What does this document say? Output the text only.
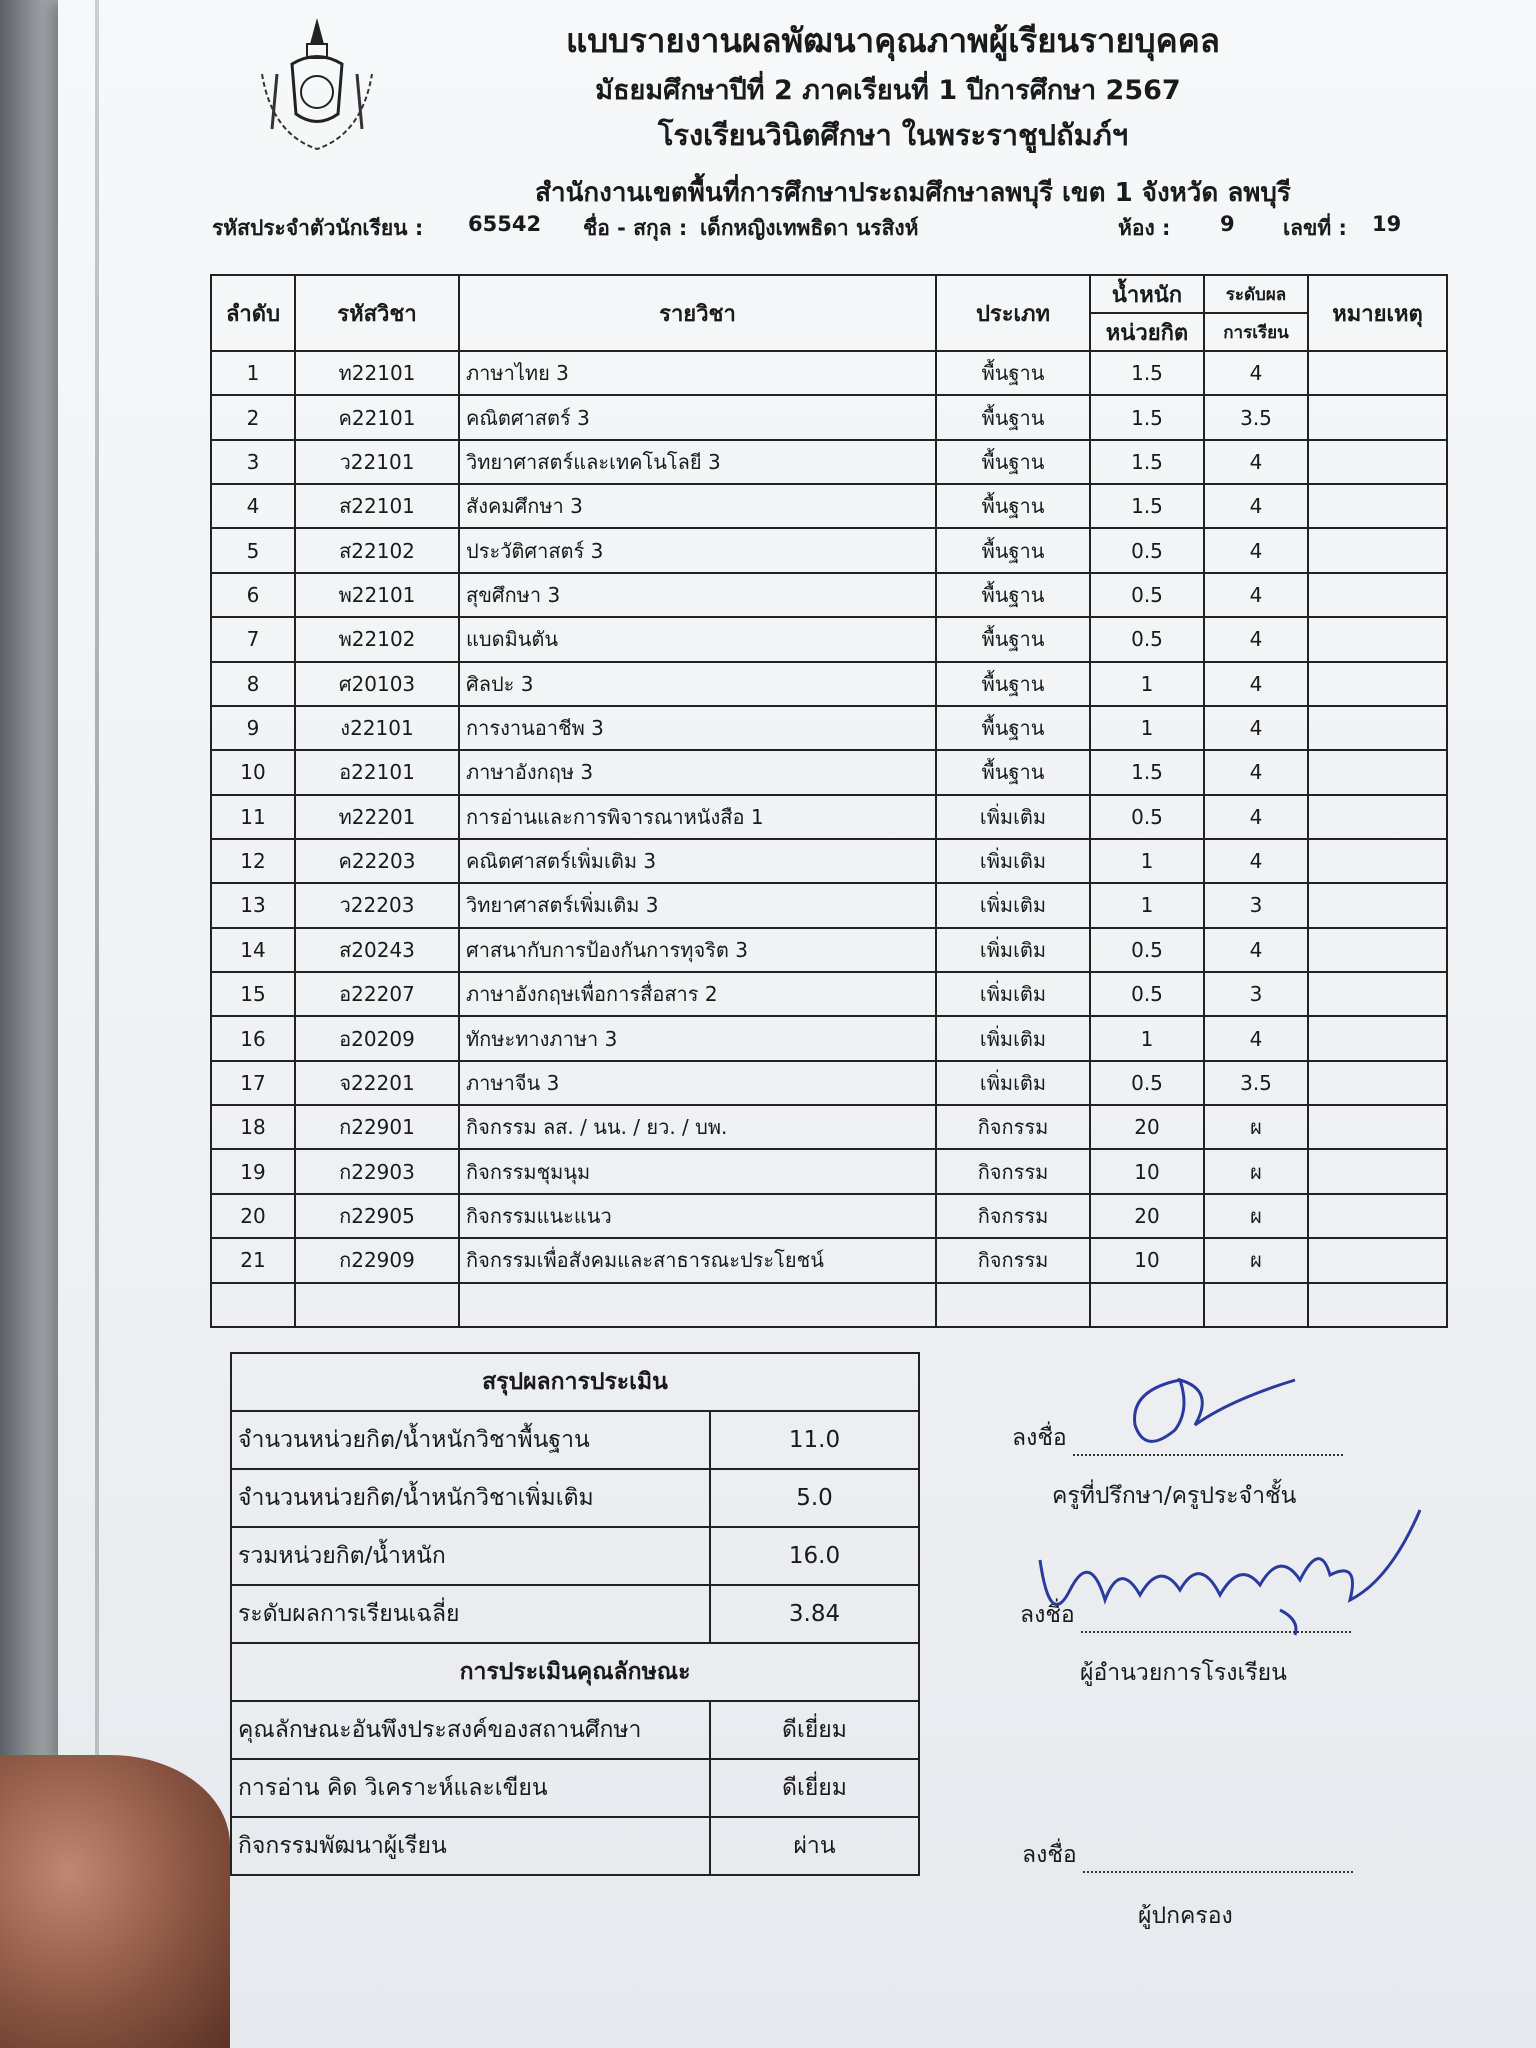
แบบรายงานผลพัฒนาคุณภาพผู้เรียนรายบุคคล
มัธยมศึกษาปีที่ 2 ภาคเรียนที่ 1 ปีการศึกษา 2567
โรงเรียนวินิตศึกษา ในพระราชูปถัมภ์ฯ
สำนักงานเขตพื้นที่การศึกษาประถมศึกษาลพบุรี เขต 1 จังหวัด ลพบุรี
รหัสประจำตัวนักเรียน : 65542 ชื่อ - สกุล : เด็กหญิงเทพธิดา นรสิงห์	ห้อง : 9 เลขที่ : 19
ลำดับ	รหัสวิชา	รายวิชา	ประเภท	น้ำหนัก	ระดับผล	หมายเหตุ
				หน่วยกิต	การเรียน	
1	ท22101	ภาษาไทย 3	พื้นฐาน	1.5	4	
2	ค22101	คณิตศาสตร์ 3	พื้นฐาน	1.5	3.5	
3	ว22101	วิทยาศาสตร์และเทคโนโลยี 3	พื้นฐาน	1.5	4	
4	ส22101	สังคมศึกษา 3	พื้นฐาน	1.5	4	
5	ส22102	ประวัติศาสตร์ 3	พื้นฐาน	0.5	4	
6	พ22101	สุขศึกษา 3	พื้นฐาน	0.5	4	
7	พ22102	แบดมินตัน	พื้นฐาน	0.5	4	
8	ศ20103	ศิลปะ 3	พื้นฐาน	1	4	
9	ง22101	การงานอาชีพ 3	พื้นฐาน	1	4	
10	อ22101	ภาษาอังกฤษ 3	พื้นฐาน	1.5	4	
11	ท22201	การอ่านและการพิจารณาหนังสือ 1	เพิ่มเติม	0.5	4	
12	ค22203	คณิตศาสตร์เพิ่มเติม 3	เพิ่มเติม	1	4	
13	ว22203	วิทยาศาสตร์เพิ่มเติม 3	เพิ่มเติม	1	3	
14	ส20243	ศาสนากับการป้องกันการทุจริต 3	เพิ่มเติม	0.5	4	
15	อ22207	ภาษาอังกฤษเพื่อการสื่อสาร 2	เพิ่มเติม	0.5	3	
16	อ20209	ทักษะทางภาษา 3	เพิ่มเติม	1	4	
17	จ22201	ภาษาจีน 3	เพิ่มเติม	0.5	3.5	
18	ก22901	กิจกรรม ลส. / นน. / ยว. / บพ.	กิจกรรม	20	ผ	
19	ก22903	กิจกรรมชุมนุม	กิจกรรม	10	ผ	
20	ก22905	กิจกรรมแนะแนว	กิจกรรม	20	ผ	
21	ก22909	กิจกรรมเพื่อสังคมและสาธารณะประโยชน์	กิจกรรม	10	ผ	

สรุปผลการประเมิน	
จำนวนหน่วยกิต/น้ำหนักวิชาพื้นฐาน	11.0
จำนวนหน่วยกิต/น้ำหนักวิชาเพิ่มเติม	5.0
รวมหน่วยกิต/น้ำหนัก	16.0
ระดับผลการเรียนเฉลี่ย	3.84
การประเมินคุณลักษณะ	
คุณลักษณะอันพึงประสงค์ของสถานศึกษา	ดีเยี่ยม
การอ่าน คิด วิเคราะห์และเขียน	ดีเยี่ยม
กิจกรรมพัฒนาผู้เรียน	ผ่าน
ลงชื่อ
ครูที่ปรึกษา/ครูประจำชั้น
ลงชื่อ
ผู้อำนวยการโรงเรียน
ลงชื่อ
ผู้ปกครอง
